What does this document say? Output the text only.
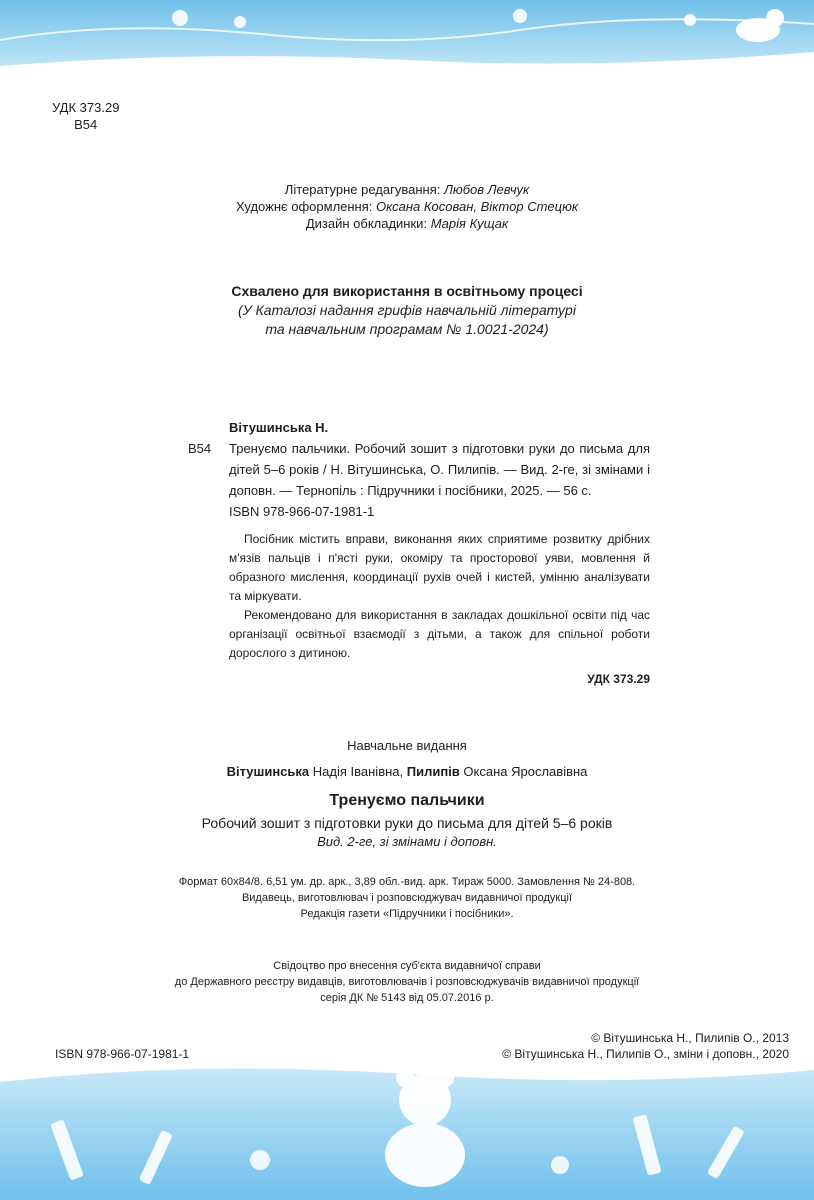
УДК 373.29
В54
Літературне редагування: Любов Левчук
Художнє оформлення: Оксана Косован, Віктор Стецюк
Дизайн обкладинки: Марія Кущак
Схвалено для використання в освітньому процесі
(У Каталозі надання грифів навчальній літературі
та навчальним програмам № 1.0021-2024)
Вітушинська Н.
В54	Тренуємо пальчики. Робочий зошит з підготовки руки до письма для дітей 5–6 років / Н. Вітушинська, О. Пилипів. — Вид. 2-ге, зі змінами і доповн. — Тернопіль : Підручники і посібники, 2025. — 56 с.
ISBN 978-966-07-1981-1
Посібник містить вправи, виконання яких сприятиме розвитку дрібних м'язів пальців і п'ясті руки, окоміру та просторової уяви, мовлення й образного мислення, координації рухів очей і кистей, умінню аналізувати та міркувати.
Рекомендовано для використання в закладах дошкільної освіти під час організації освітньої взаємодії з дітьми, а також для спільної роботи дорослого з дитиною.
УДК 373.29
Навчальне видання
Вітушинська Надія Іванівна, Пилипів Оксана Ярославівна
Тренуємо пальчики
Робочий зошит з підготовки руки до письма для дітей 5–6 років
Вид. 2-ге, зі змінами і доповн.
Формат 60х84/8. 6,51 ум. др. арк., 3,89 обл.-вид. арк. Тираж 5000. Замовлення № 24-808.
Видавець, виготовлювач і розповсюджувач видавничої продукції
Редакція газети «Підручники і посібники».
Свідоцтво про внесення суб'єкта видавничої справи
до Державного реєстру видавців, виготовлювачів і розповсюджувачів видавничої продукції
серія ДК № 5143 від 05.07.2016 р.
ISBN 978-966-07-1981-1
© Вітушинська Н., Пилипів О., 2013
© Вітушинська Н., Пилипів О., зміни і доповн., 2020
